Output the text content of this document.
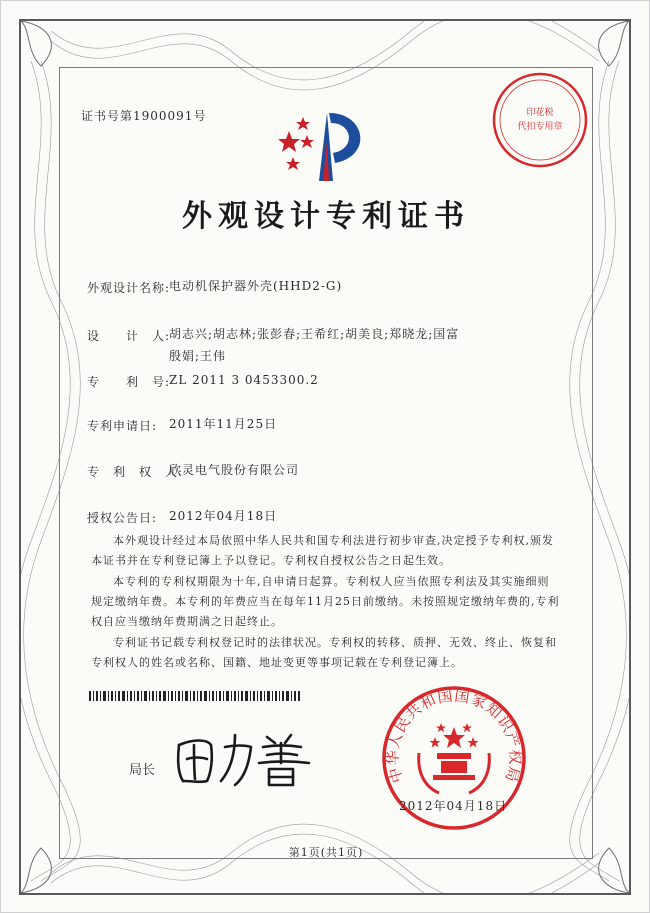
证书号第1900091号	印花税
代扣专用章
外观设计专利证书
外观设计名称:
电动机保护器外壳(HHD2-G)
设　　计　人:
胡志兴;胡志林;张彭春;王希红;胡美良;郑晓龙;国富殷娟;王伟
专　　利　号:
ZL 2011 3 0453300.2
专利申请日: 2011年11月25日
专　利　权　人:
欣灵电气股份有限公司
授权公告日: 2012年04月18日

本外观设计经过本局依照中华人民共和国专利法进行初步审查,决定授予专利权,颁发本证书并在专利登记簿上予以登记。专利权自授权公告之日起生效。

本专利的专利权期限为十年,自申请日起算。专利权人应当依照专利法及其实施细则规定缴纳年费。本专利的年费应当在每年11月25日前缴纳。未按照规定缴纳年费的,专利权自应当缴纳年费期满之日起终止。

专利证书记载专利权登记时的法律状况。专利权的转移、质押、无效、终止、恢复和专利权人的姓名或名称、国籍、地址变更等事项记载在专利登记簿上。

局长	中华人民共和国国家知识产权局
2012年04月18日
第1页(共1页)
